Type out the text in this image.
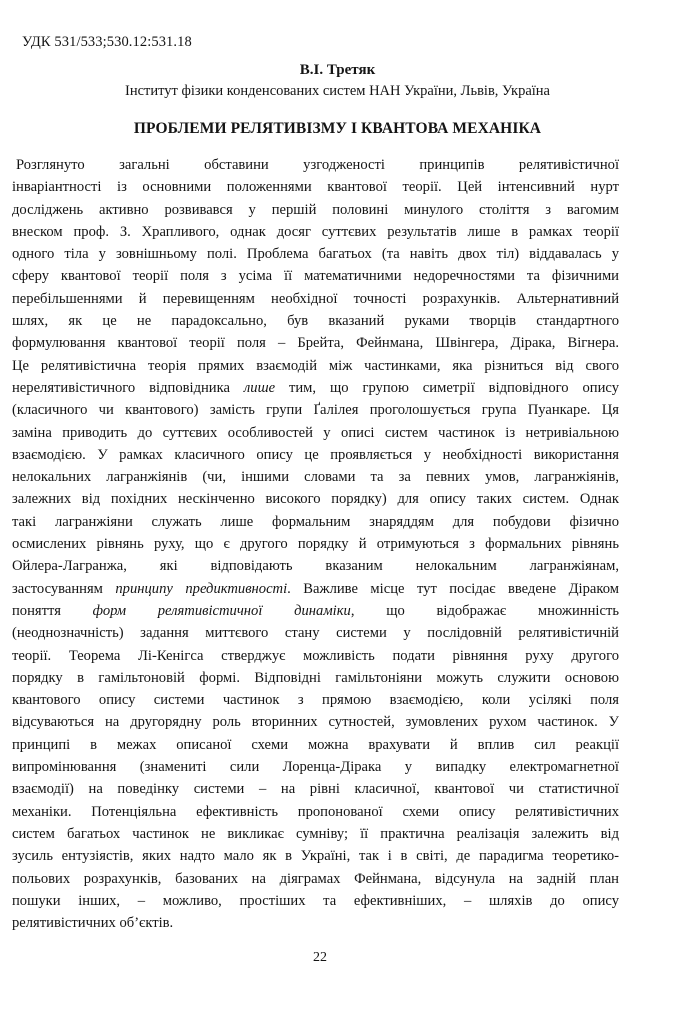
УДК 531/533;530.12:531.18
В.І. Третяк
Інститут фізики конденсованих систем НАН України, Львів, Україна
ПРОБЛЕМИ РЕЛЯТИВІЗМУ І КВАНТОВА МЕХАНІКА
Розглянуто загальні обставини узгодженості принципів релятивістичної
інваріантності із основними положеннями квантової теорії. Цей інтенсивний нурт
досліджень активно розвивався у першій половині минулого століття з вагомим
внеском проф. З. Храпливого, однак досяг суттєвих результатів лише в рамках теорії
одного тіла у зовнішньому полі. Проблема багатьох (та навіть двох тіл) віддавалась у
сферу квантової теорії поля з усіма її математичними недоречностями та фізичними
перебільшеннями й перевищенням необхідної точності розрахунків. Альтернативний
шлях, як це не парадоксально, був вказаний руками творців стандартного
формулювання квантової теорії поля – Брейта, Фейнмана, Швінгера, Дірака, Вігнера.
Це релятивістична теорія прямих взаємодій між частинками, яка різниться від свого
нерелятивістичного відповідника лише тим, що групою симетрії відповідного опису
(класичного чи квантового) замість групи Ґалілея проголошується група Пуанкаре. Ця
заміна приводить до суттєвих особливостей у описі систем частинок із нетривіальною
взаємодією. У рамках класичного опису це проявляється у необхідності використання
нелокальних лагранжіянів (чи, іншими словами та за певних умов, лагранжіянів,
залежних від похідних нескінченно високого порядку) для опису таких систем. Однак
такі лагранжіяни служать лише формальним знаряддям для побудови фізично
осмислених рівнянь руху, що є другого порядку й отримуються з формальних рівнянь
Ойлера-Лагранжа, які відповідають вказаним нелокальним лагранжіянам,
застосуванням принципу предиктивності. Важливе місце тут посідає введене Діраком
поняття форм релятивістичної динаміки, що відображає множинність
(неоднозначність) задання миттєвого стану системи у послідовній релятивістичній
теорії. Теорема Лі-Кенігса стверджує можливість подати рівняння руху другого
порядку в гамільтоновій формі. Відповідні гамільтоніяни можуть служити основою
квантового опису системи частинок з прямою взаємодією, коли усілякі поля
відсуваються на другорядну роль вторинних сутностей, зумовлених рухом частинок. У
принципі в межах описаної схеми можна врахувати й вплив сил реакції
випромінювання (знамениті сили Лоренца-Дірака у випадку електромагнетної
взаємодії) на поведінку системи – на рівні класичної, квантової чи статистичної
механіки. Потенціяльна ефективність пропонованої схеми опису релятивістичних
систем багатьох частинок не викликає сумніву; її практична реалізація залежить від
зусиль ентузіястів, яких надто мало як в Україні, так і в світі, де парадигма теоретико-
польових розрахунків, базованих на діяграмах Фейнмана, відсунула на задній план
пошуки інших, – можливо, простіших та ефективніших, – шляхів до опису
релятивістичних об’єктів.
22
